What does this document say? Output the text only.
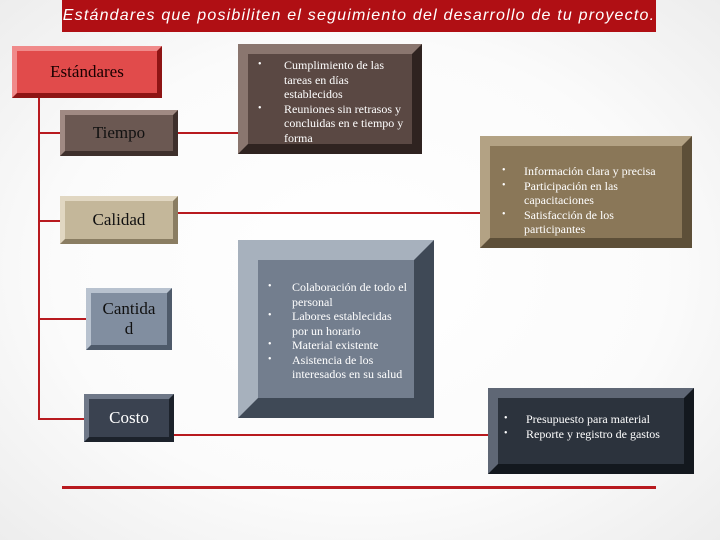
Estándares que posibiliten el seguimiento del desarrollo de tu proyecto.
Estándares
Tiempo
Calidad
Cantida
d
Costo
• Cumplimiento de las tareas en días establecidos
• Reuniones sin retrasos y concluidas en e tiempo y forma
• Información clara y precisa
• Participación en las capacitaciones
• Satisfacción de los participantes
• Colaboración de todo el personal
• Labores establecidas por un horario
• Material existente
• Asistencia de los interesados en su salud
• Presupuesto para material
• Reporte y registro de gastos
